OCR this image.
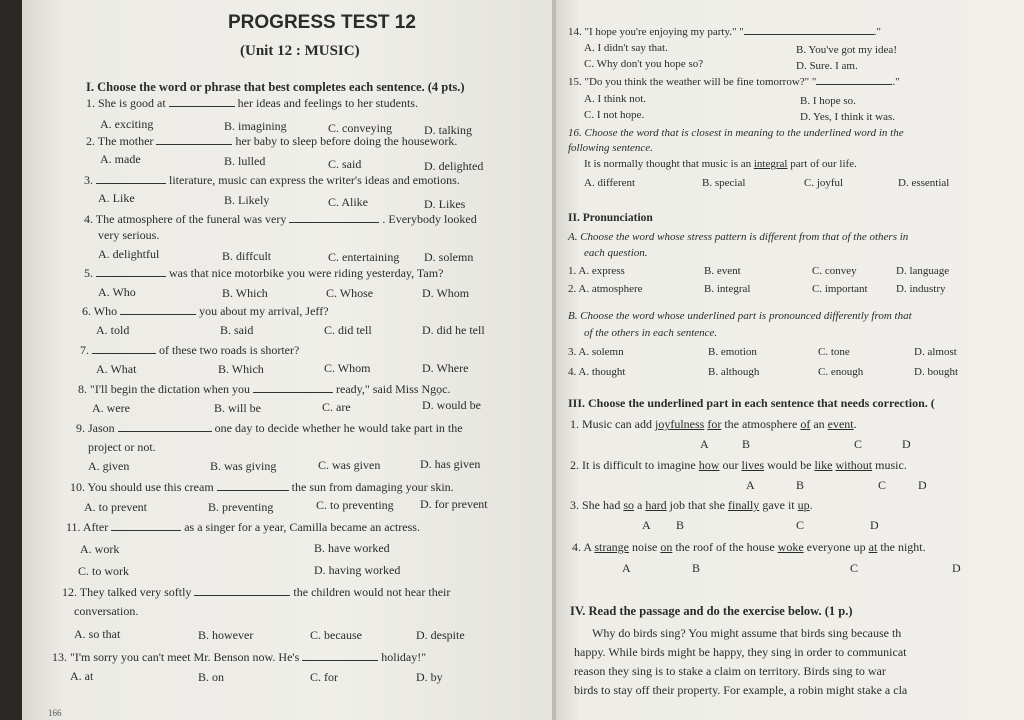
PROGRESS TEST 12
(Unit 12 : MUSIC)
I. Choose the word or phrase that best completes each sentence. (4 pts.)
1. She is good at	her ideas and feelings to her students.
A. exciting	B. imagining	C. conveying	D. talking
2. The mother	her baby to sleep before doing the housework.
A. made	B. lulled	C. said	D. delighted
3.	literature, music can express the writer's ideas and emotions.
A. Like	B. Likely	C. Alike	D. Likes
4. The atmosphere of the funeral was very	. Everybody looked
very serious.
A. delightful	B. diffcult	C. entertaining D. solemn
5.	was that nice motorbike you were riding yesterday, Tam?
A. Who	B. Which	C. Whose	D. Whom
6. Who	you about my arrival, Jeff?
A. told	B. said	C. did tell	D. did he tell
7.	of these two roads is shorter?
A. What	B. Which	C. Whom	D. Where
8. "I'll begin the dictation when you	ready," said Miss Ngọc.
A. were	B. will be	C. are	D. would be
9. Jason	one day to decide whether he would take part in the
project or not.
A. given	B. was giving	C. was given	D. has given
10. You should use this cream	the sun from damaging your skin.
A. to prevent	B. preventing	C. to preventing D. for prevent
11. After	as a singer for a year, Camilla became an actress.
A. work	B. have worked
C. to work	D. having worked
12. They talked very softly	the children would not hear their
conversation.
A. so that	B. however	C. because	D. despite
13. "I'm sorry you can't meet Mr. Benson now. He's	holiday!"
A. at	B. on	C. for	D. by
166
14. "I hope you're enjoying my party." "	."
A. I didn't say that.	B. You've got my idea!
C. Why don't you hope so?	D. Sure. I am.
15. "Do you think the weather will be fine tomorrow?" "	."
A. I think not.	B. I hope so.
C. I not hope.	D. Yes, I think it was.
16. Choose the word that is closest in meaning to the underlined word in the
following sentence.
It is normally thought that music is an integral part of our life.
A. different	B. special	C. joyful	D. essential
II. Pronunciation
A. Choose the word whose stress pattern is different from that of the others in
each question.
1. A. express	B. event	C. convey	D. language
2. A. atmosphere	B. integral	C. important	D. industry
B. Choose the word whose underlined part is pronounced differently from that
of the others in each sentence.
3. A. solemn	B. emotion	C. tone	D. almost
4. A. thought	B. although	C. enough	D. bought
III. Choose the underlined part in each sentence that needs correction. (
1. Music can add joyfulness for the atmosphere of an event.
A	B	C	D
2. It is difficult to imagine how our lives would be like without music.
A	B	C	D
3. She had so a hard job that she finally gave it up.
A B	C	D
4. A strange noise on the roof of the house woke everyone up at the night.
A	B	C	D
IV. Read the passage and do the exercise below. (1 p.)
Why do birds sing? You might assume that birds sing because th
happy. While birds might be happy, they sing in order to communicat
reason they sing is to stake a claim on territory. Birds sing to war
birds to stay off their property. For example, a robin might stake a cla
